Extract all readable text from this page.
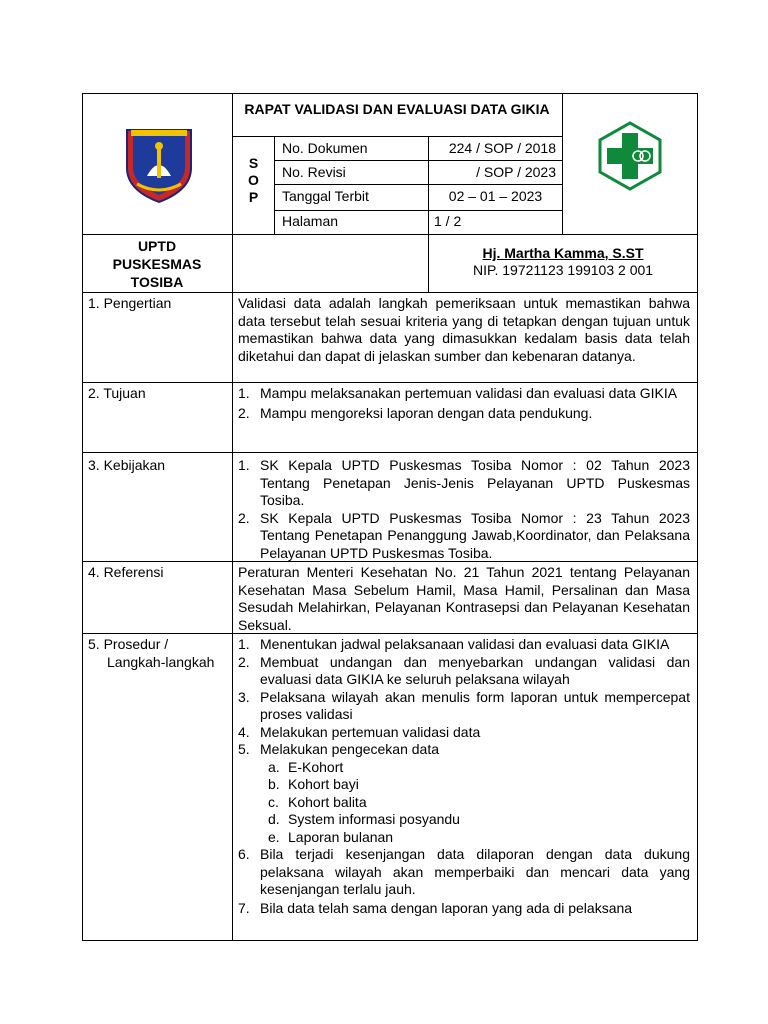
RAPAT VALIDASI DAN EVALUASI DATA GIKIA
S
O
P
No. Dokumen	224 / SOP / 2018
No. Revisi	/ SOP / 2023
Tanggal Terbit	02 – 01 – 2023
Halaman	1 / 2
UPTD PUSKESMAS TOSIBA
Hj. Martha Kamma, S.ST
NIP. 19721123 199103 2 001
1. Pengertian	Validasi data adalah langkah pemeriksaan untuk memastikan bahwa data tersebut telah sesuai kriteria yang di tetapkan dengan tujuan untuk memastikan bahwa data yang dimasukkan kedalam basis data telah diketahui dan dapat di jelaskan sumber dan kebenaran datanya.
2. Tujuan	1. Mampu melaksanakan pertemuan validasi dan evaluasi data GIKIA
2. Mampu mengoreksi laporan dengan data pendukung.
3. Kebijakan	1. SK Kepala UPTD Puskesmas Tosiba Nomor : 02 Tahun 2023 Tentang Penetapan Jenis-Jenis Pelayanan UPTD Puskesmas Tosiba.
2. SK Kepala UPTD Puskesmas Tosiba Nomor : 23 Tahun 2023 Tentang Penetapan Penanggung Jawab,Koordinator, dan Pelaksana Pelayanan UPTD Puskesmas Tosiba.
4. Referensi	Peraturan Menteri Kesehatan No. 21 Tahun 2021 tentang Pelayanan Kesehatan Masa Sebelum Hamil, Masa Hamil, Persalinan dan Masa Sesudah Melahirkan, Pelayanan Kontrasepsi dan Pelayanan Kesehatan Seksual.
5. Prosedur /
Langkah-langkah
1. Menentukan jadwal pelaksanaan validasi dan evaluasi data GIKIA
2. Membuat undangan dan menyebarkan undangan validasi dan evaluasi data GIKIA ke seluruh pelaksana wilayah
3. Pelaksana wilayah akan menulis form laporan untuk mempercepat proses validasi
4. Melakukan pertemuan validasi data
5. Melakukan pengecekan data
a. E-Kohort
b. Kohort bayi
c. Kohort balita
d. System informasi posyandu
e. Laporan bulanan
6. Bila terjadi kesenjangan data dilaporan dengan data dukung pelaksana wilayah akan memperbaiki dan mencari data yang kesenjangan terlalu jauh.
7. Bila data telah sama dengan laporan yang ada di pelaksana
